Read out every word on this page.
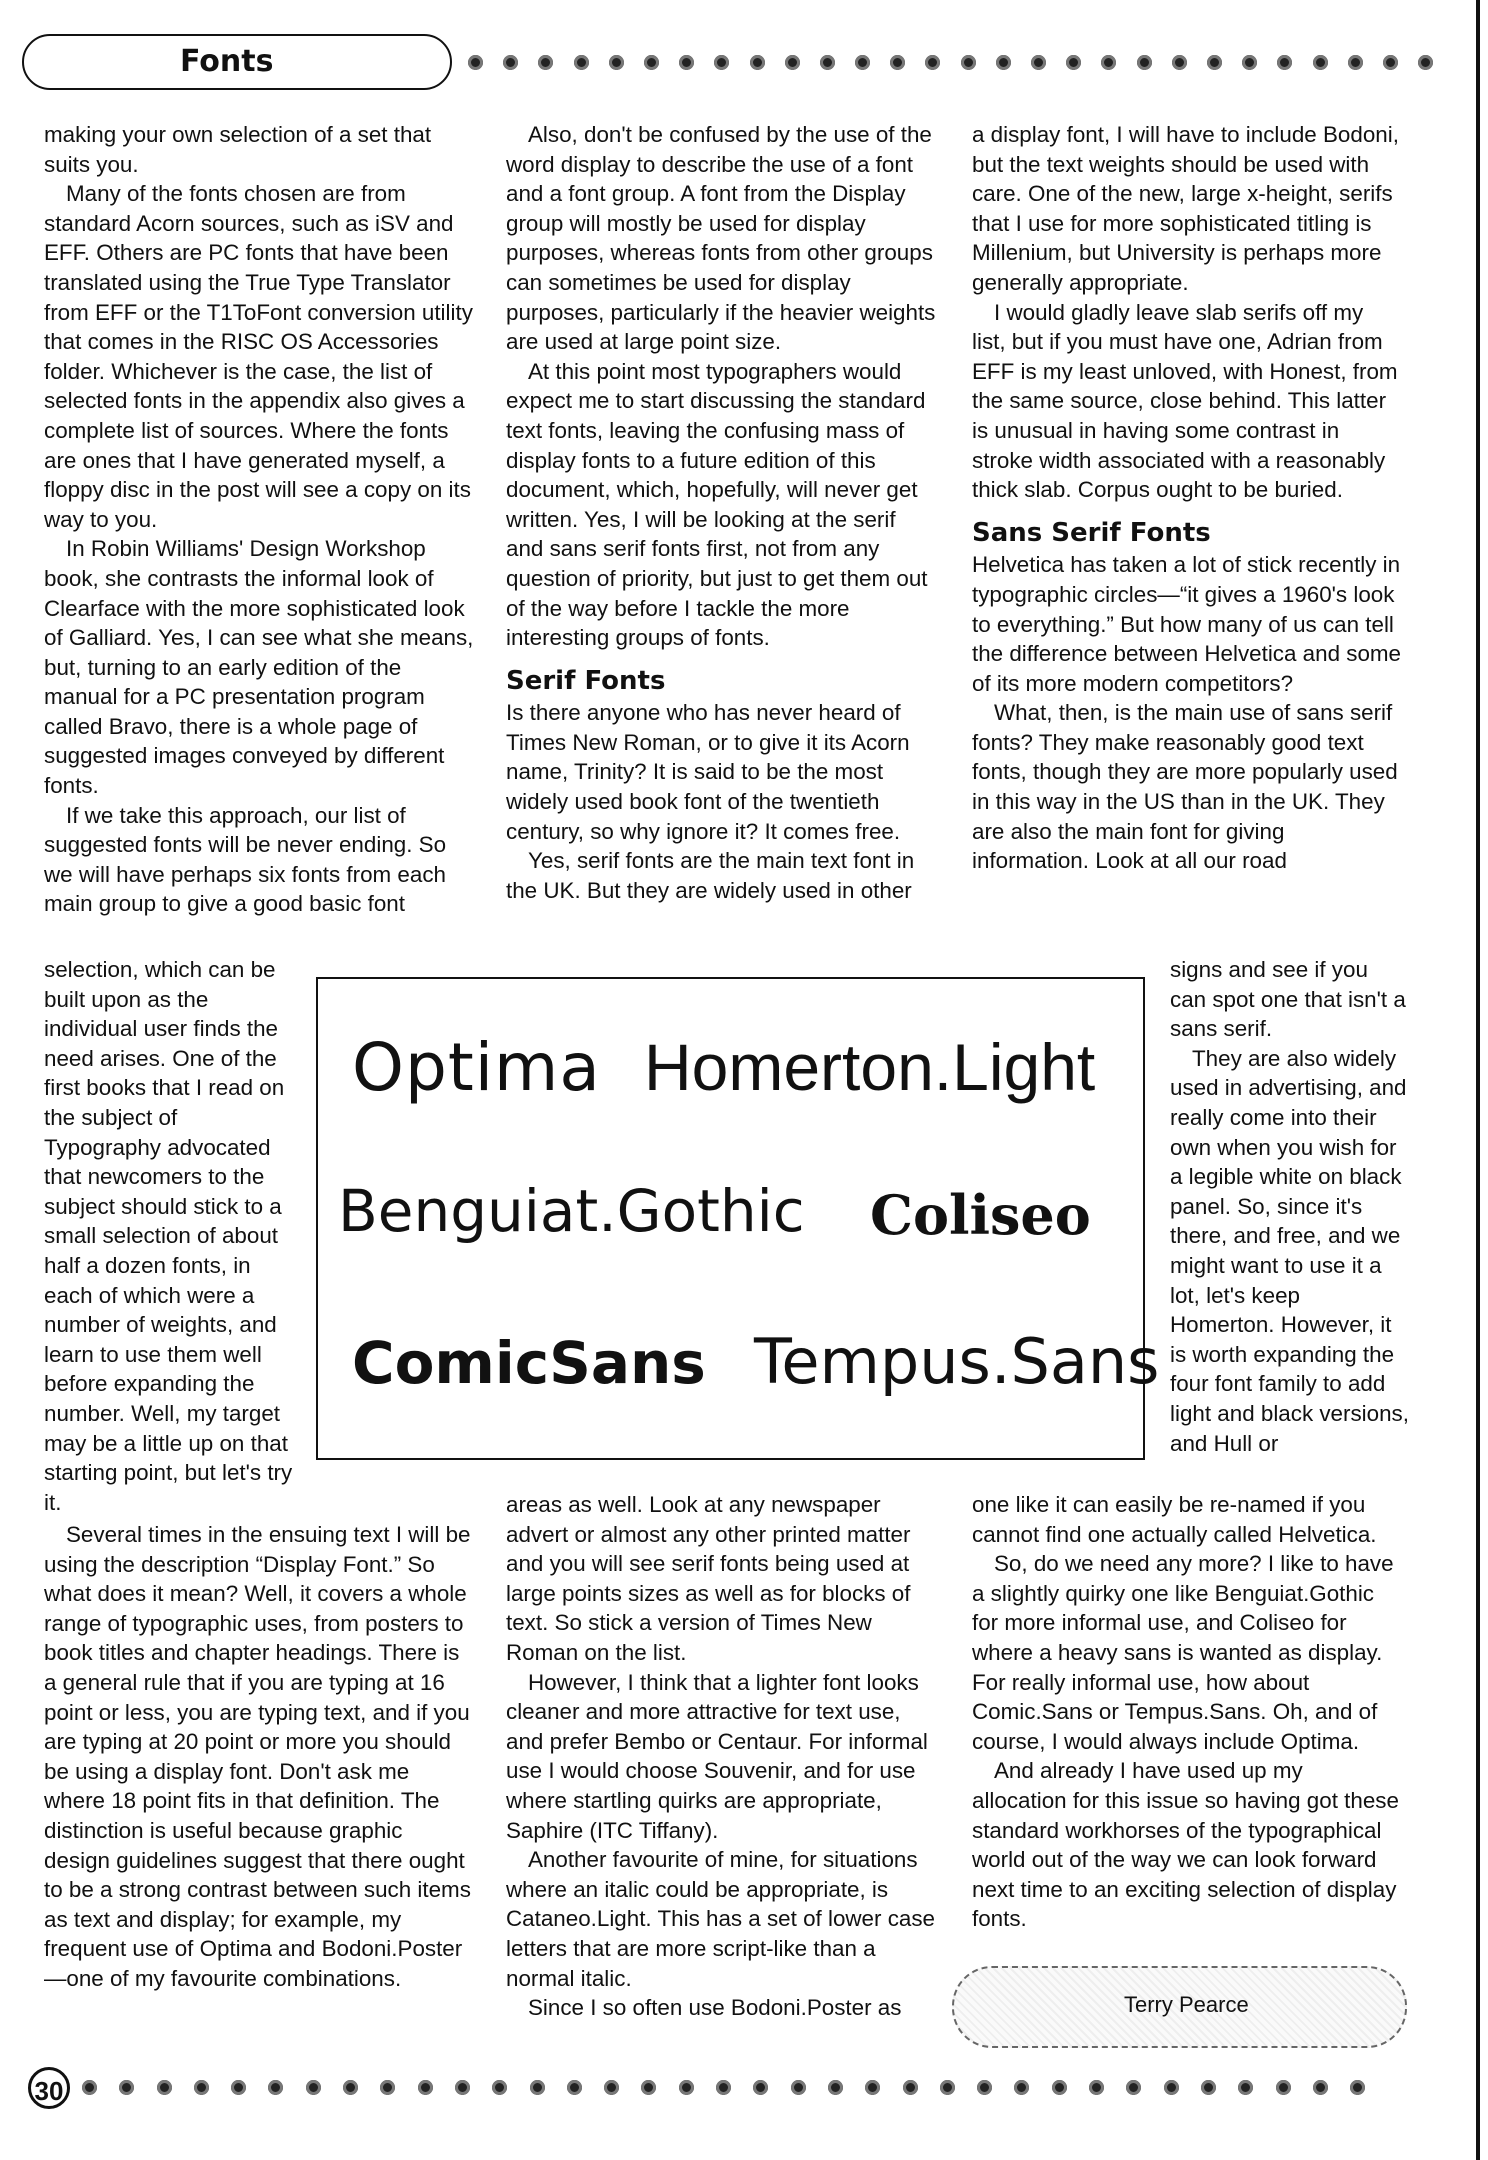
Fonts

making your own selection of a set that suits you.

Many of the fonts chosen are from standard Acorn sources, such as iSV and EFF. Others are PC fonts that have been translated using the True Type Translator from EFF or the T1ToFont conversion utility that comes in the RISC OS Accessories folder. Whichever is the case, the list of selected fonts in the appendix also gives a complete list of sources. Where the fonts are ones that I have generated myself, a floppy disc in the post will see a copy on its way to you.

In Robin Williams' Design Workshop book, she contrasts the informal look of Clearface with the more sophisticated look of Galliard. Yes, I can see what she means, but, turning to an early edition of the manual for a PC presentation program called Bravo, there is a whole page of suggested images conveyed by different fonts.

If we take this approach, our list of suggested fonts will be never ending. So we will have perhaps six fonts from each main group to give a good basic font

selection, which can be built upon as the individual user finds the need arises. One of the first books that I read on the subject of Typography advocated that newcomers to the subject should stick to a small selection of about half a dozen fonts, in each of which were a number of weights, and learn to use them well before expanding the number. Well, my target may be a little up on that starting point, but let's try it.

Several times in the ensuing text I will be using the description “Display Font.” So what does it mean? Well, it covers a whole range of typographic uses, from posters to book titles and chapter headings. There is a general rule that if you are typing at 16 point or less, you are typing text, and if you are typing at 20 point or more you should be using a display font. Don't ask me where 18 point fits in that definition. The distinction is useful because graphic design guidelines suggest that there ought to be a strong contrast between such items as text and display; for example, my frequent use of Optima and Bodoni.Poster—one of my favourite combinations.

Also, don't be confused by the use of the word display to describe the use of a font and a font group. A font from the Display group will mostly be used for display purposes, whereas fonts from other groups can sometimes be used for display purposes, particularly if the heavier weights are used at large point size.

At this point most typographers would expect me to start discussing the standard text fonts, leaving the confusing mass of display fonts to a future edition of this document, which, hopefully, will never get written. Yes, I will be looking at the serif and sans serif fonts first, not from any question of priority, but just to get them out of the way before I tackle the more interesting groups of fonts.

Serif Fonts

Is there anyone who has never heard of Times New Roman, or to give it its Acorn name, Trinity? It is said to be the most widely used book font of the twentieth century, so why ignore it? It comes free.

Yes, serif fonts are the main text font in the UK. But they are widely used in other

areas as well. Look at any newspaper advert or almost any other printed matter and you will see serif fonts being used at large points sizes as well as for blocks of text. So stick a version of Times New Roman on the list.

However, I think that a lighter font looks cleaner and more attractive for text use, and prefer Bembo or Centaur. For informal use I would choose Souvenir, and for use where startling quirks are appropriate, Saphire (ITC Tiffany).

Another favourite of mine, for situations where an italic could be appropriate, is Cataneo.Light. This has a set of lower case letters that are more script-like than a normal italic.

Since I so often use Bodoni.Poster as

a display font, I will have to include Bodoni, but the text weights should be used with care. One of the new, large x-height, serifs that I use for more sophisticated titling is Millenium, but University is perhaps more generally appropriate.

I would gladly leave slab serifs off my list, but if you must have one, Adrian from EFF is my least unloved, with Honest, from the same source, close behind. This latter is unusual in having some contrast in stroke width associated with a reasonably thick slab. Corpus ought to be buried.

Sans Serif Fonts

Helvetica has taken a lot of stick recently in typographic circles—“it gives a 1960's look to everything.” But how many of us can tell the difference between Helvetica and some of its more modern competitors?

What, then, is the main use of sans serif fonts? They make reasonably good text fonts, though they are more popularly used in this way in the US than in the UK. They are also the main font for giving information. Look at all our road

signs and see if you can spot one that isn't a sans serif.

They are also widely used in advertising, and really come into their own when you wish for a legible white on black panel. So, since it's there, and free, and we might want to use it a lot, let's keep Homerton. However, it is worth expanding the four font family to add light and black versions, and Hull or

one like it can easily be re-named if you cannot find one actually called Helvetica.

So, do we need any more? I like to have a slightly quirky one like Benguiat.Gothic for more informal use, and Coliseo for where a heavy sans is wanted as display. For really informal use, how about Comic.Sans or Tempus.Sans. Oh, and of course, I would always include Optima.

And already I have used up my allocation for this issue so having got these standard workhorses of the typographical world out of the way we can look forward next time to an exciting selection of display fonts.

Optima Homerton.Light
Benguiat.Gothic Coliseo
ComicSans Tempus.Sans
Terry Pearce
30
